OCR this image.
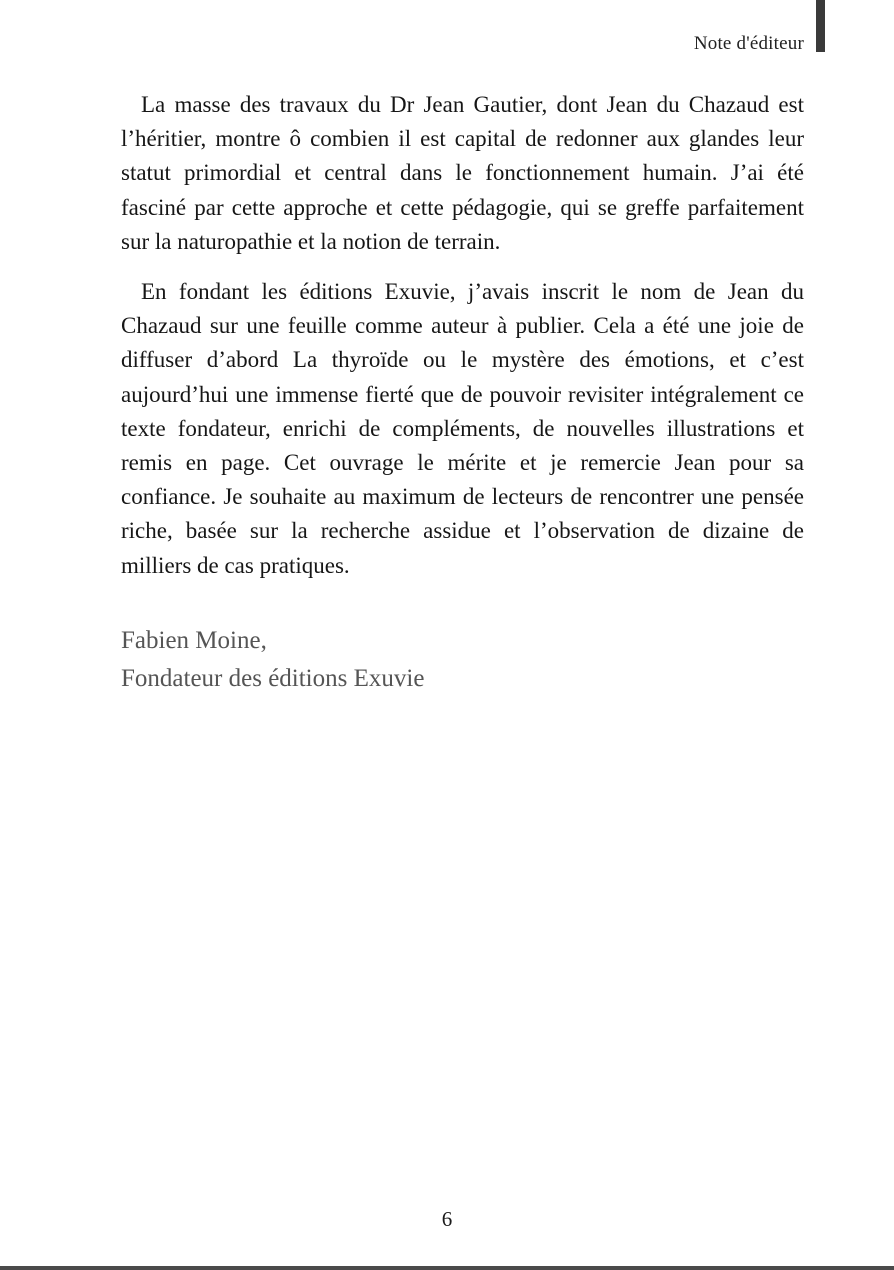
Note d'éditeur

La masse des travaux du Dr Jean Gautier, dont Jean du Chazaud est l’héritier, montre ô combien il est capital de redonner aux glandes leur statut primordial et central dans le fonctionnement humain. J’ai été fasciné par cette approche et cette pédagogie, qui se greffe parfaitement sur la naturopathie et la notion de terrain.

En fondant les éditions Exuvie, j’avais inscrit le nom de Jean du Chazaud sur une feuille comme auteur à publier. Cela a été une joie de diffuser d’abord La thyroïde ou le mystère des émotions, et c’est aujourd’hui une immense fierté que de pouvoir revisiter intégralement ce texte fondateur, enrichi de compléments, de nouvelles illustrations et remis en page. Cet ouvrage le mérite et je remercie Jean pour sa confiance. Je souhaite au maximum de lecteurs de rencontrer une pensée riche, basée sur la recherche assidue et l’observation de dizaine de milliers de cas pratiques.

Fabien Moine,
Fondateur des éditions Exuvie
6
